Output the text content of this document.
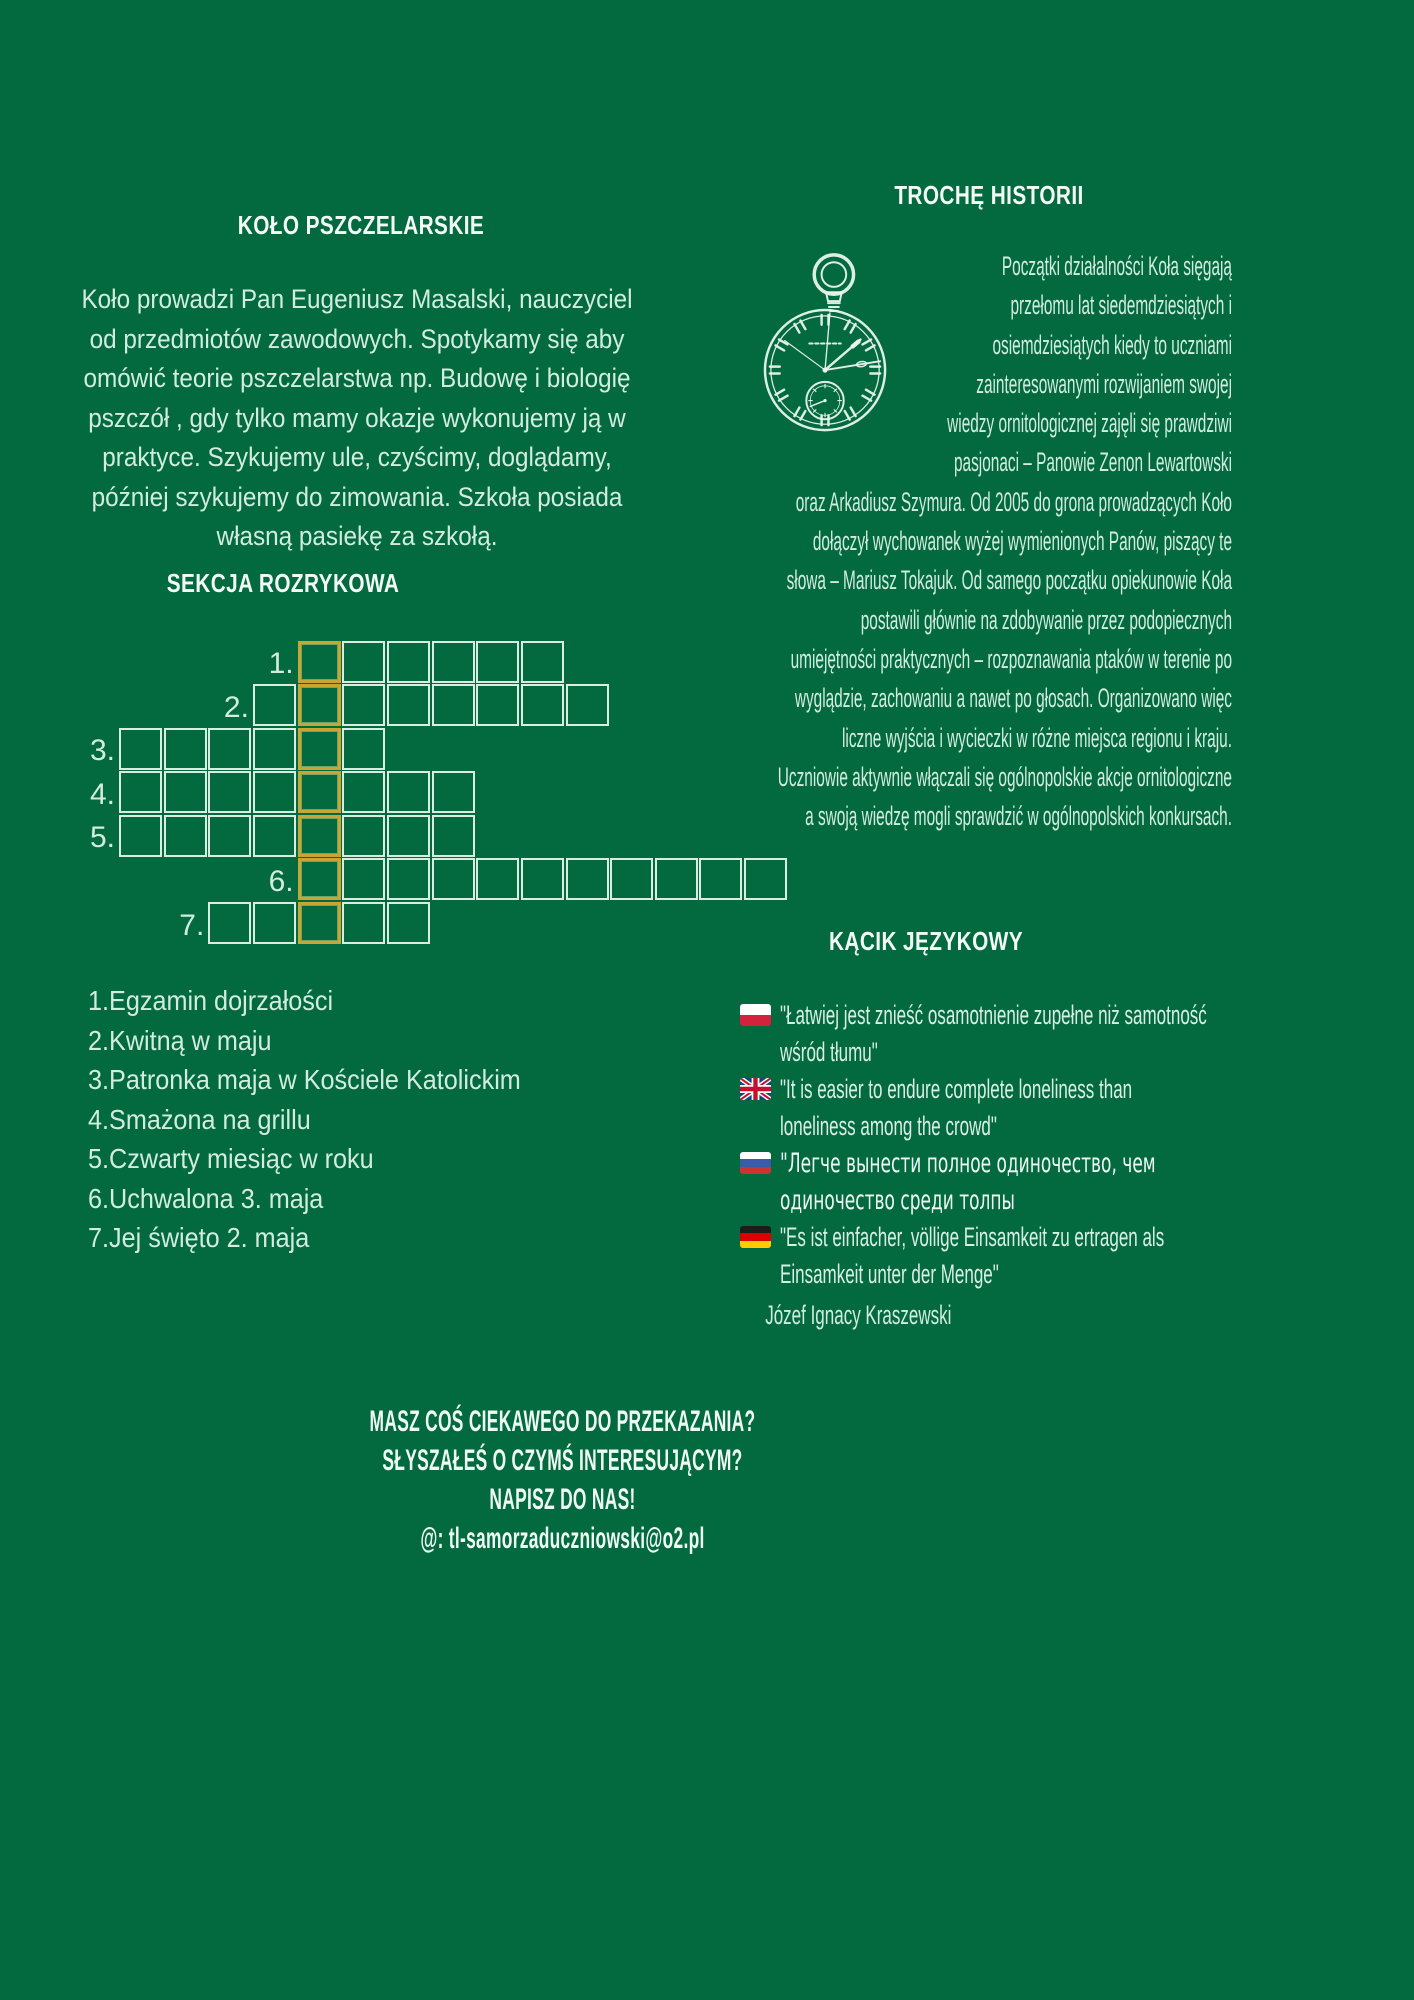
KOŁO PSZCZELARSKIE
Koło prowadzi Pan Eugeniusz Masalski, nauczyciel od przedmiotów zawodowych. Spotykamy się aby omówić teorie pszczelarstwa np. Budowę i biologię pszczół , gdy tylko mamy okazje wykonujemy ją w praktyce. Szykujemy ule, czyścimy, doglądamy, później szykujemy do zimowania. Szkoła posiada własną pasiekę za szkołą.
SEKCJA ROZRYKOWA
1.
2.
3.
4.
5.
6.
7.
1.Egzamin dojrzałości
2.Kwitną w maju
3.Patronka maja w Kościele Katolickim
4.Smażona na grillu
5.Czwarty miesiąc w roku
6.Uchwalona 3. maja
7.Jej święto 2. maja
TROCHĘ HISTORII
Początki działalności Koła sięgają przełomu lat siedemdziesiątych i osiemdziesiątych kiedy to uczniami zainteresowanymi rozwijaniem swojej wiedzy ornitologicznej zajęli się prawdziwi pasjonaci – Panowie Zenon Lewartowski oraz Arkadiusz Szymura. Od 2005 do grona prowadzących Koło dołączył wychowanek wyżej wymienionych Panów, piszący te słowa – Mariusz Tokajuk. Od samego początku opiekunowie Koła postawili głównie na zdobywanie przez podopiecznych umiejętności praktycznych – rozpoznawania ptaków w terenie po wyglądzie, zachowaniu a nawet po głosach. Organizowano więc liczne wyjścia i wycieczki w różne miejsca regionu i kraju. Uczniowie aktywnie włączali się ogólnopolskie akcje ornitologiczne a swoją wiedzę mogli sprawdzić w ogólnopolskich konkursach.
KĄCIK JĘZYKOWY
"Łatwiej jest znieść osamotnienie zupełne niż samotność wśród tłumu"
"It is easier to endure complete loneliness than loneliness among the crowd"
"Легче вынести полное одиночество, чем одиночество среди толпы
"Es ist einfacher, völlige Einsamkeit zu ertragen als Einsamkeit unter der Menge"
Józef Ignacy Kraszewski
MASZ COŚ CIEKAWEGO DO PRZEKAZANIA?
SŁYSZAŁEŚ O CZYMŚ INTERESUJĄCYM?
NAPISZ DO NAS!
@: tl-samorzaduczniowski@o2.pl
